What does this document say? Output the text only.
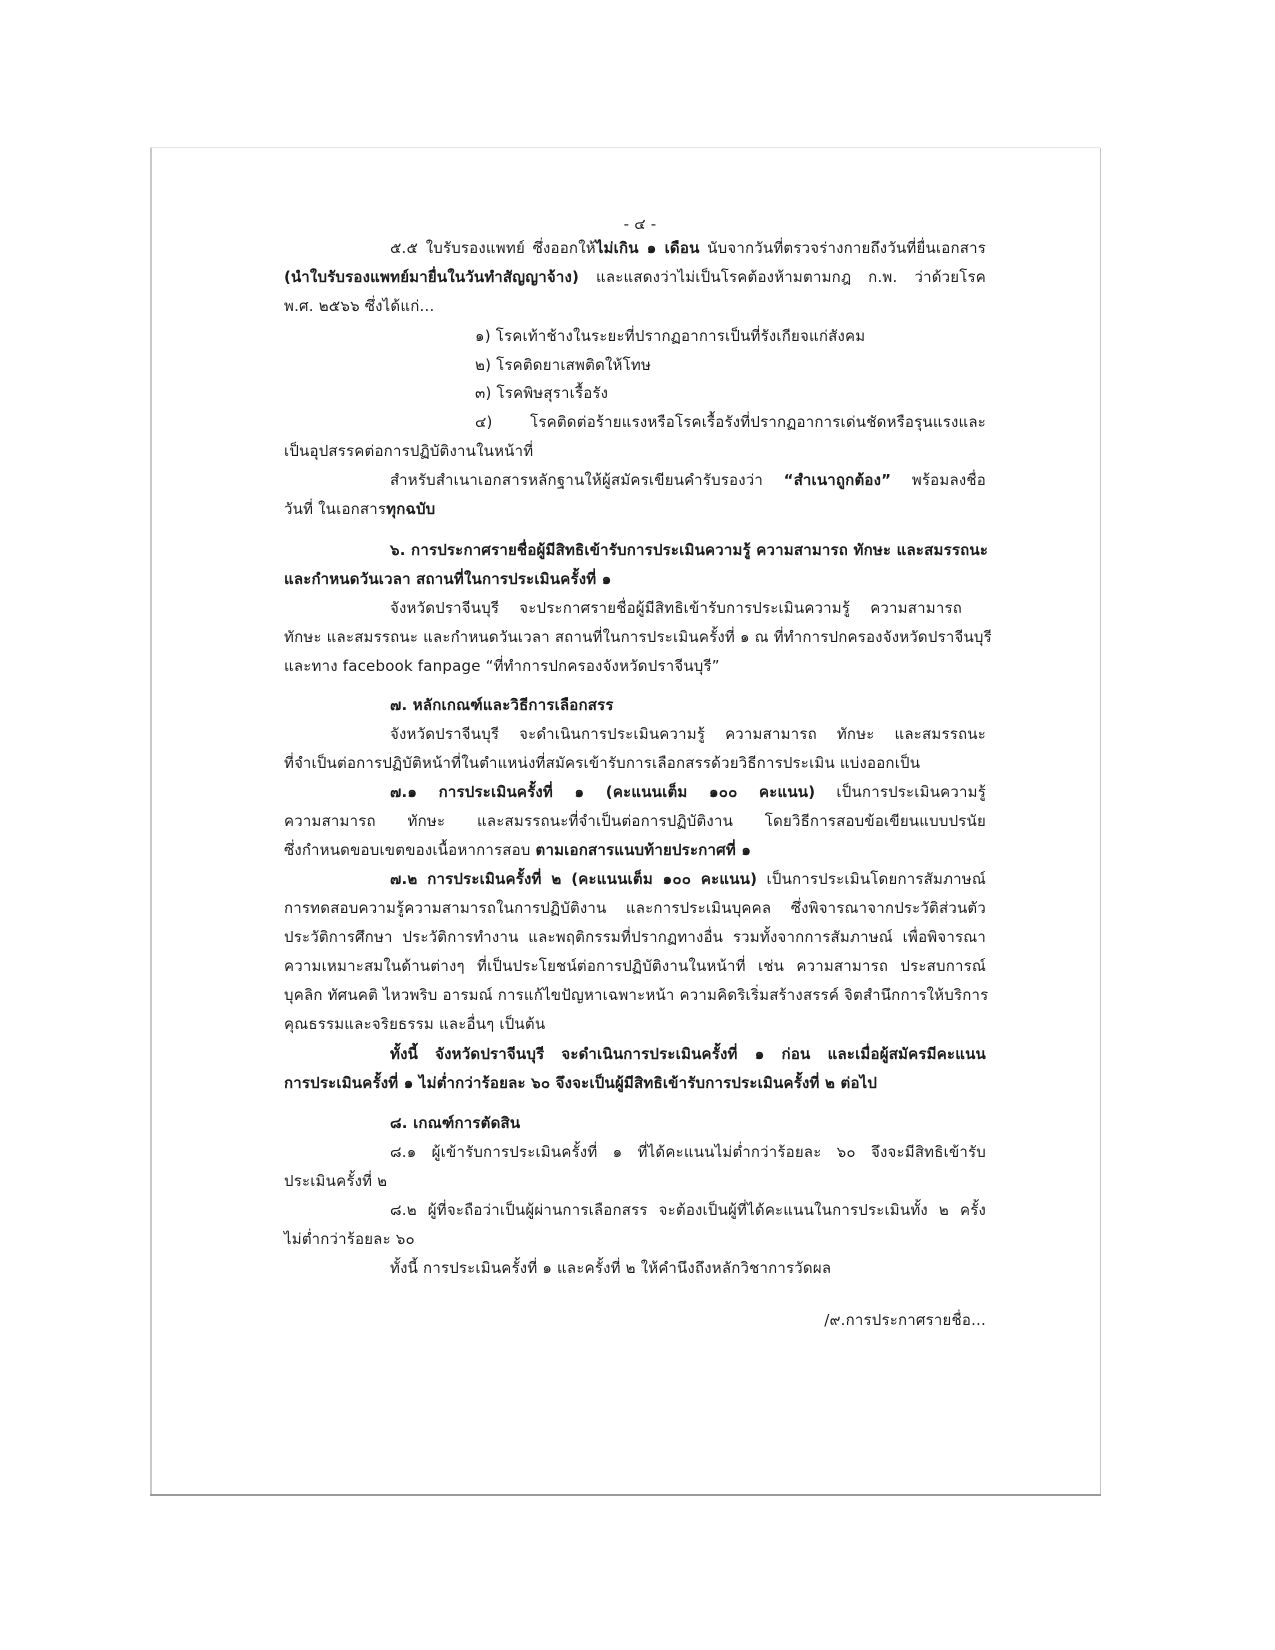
- ๔ -
๕.๕ ใบรับรองแพทย์ ซึ่งออกให้ไม่เกิน ๑ เดือน นับจากวันที่ตรวจร่างกายถึงวันที่ยื่นเอกสาร
(นำใบรับรองแพทย์มายื่นในวันทำสัญญาจ้าง) และแสดงว่าไม่เป็นโรคต้องห้ามตามกฎ ก.พ. ว่าด้วยโรค
พ.ศ. ๒๕๖๖ ซึ่งได้แก่...
๑) โรคเท้าช้างในระยะที่ปรากฏอาการเป็นที่รังเกียจแก่สังคม
๒) โรคติดยาเสพติดให้โทษ
๓) โรคพิษสุราเรื้อรัง
๔) โรคติดต่อร้ายแรงหรือโรคเรื้อรังที่ปรากฏอาการเด่นชัดหรือรุนแรงและ
เป็นอุปสรรคต่อการปฏิบัติงานในหน้าที่
สำหรับสำเนาเอกสารหลักฐานให้ผู้สมัครเขียนคำรับรองว่า “สำเนาถูกต้อง” พร้อมลงชื่อ
วันที่ ในเอกสารทุกฉบับ
๖. การประกาศรายชื่อผู้มีสิทธิเข้ารับการประเมินความรู้ ความสามารถ ทักษะ และสมรรถนะ
และกำหนดวันเวลา สถานที่ในการประเมินครั้งที่ ๑
จังหวัดปราจีนบุรี จะประกาศรายชื่อผู้มีสิทธิเข้ารับการประเมินความรู้ ความสามารถ
ทักษะ และสมรรถนะ และกำหนดวันเวลา สถานที่ในการประเมินครั้งที่ ๑ ณ ที่ทำการปกครองจังหวัดปราจีนบุรี
และทาง facebook fanpage “ที่ทำการปกครองจังหวัดปราจีนบุรี”
๗. หลักเกณฑ์และวิธีการเลือกสรร
จังหวัดปราจีนบุรี จะดำเนินการประเมินความรู้ ความสามารถ ทักษะ และสมรรถนะ
ที่จำเป็นต่อการปฏิบัติหน้าที่ในตำแหน่งที่สมัครเข้ารับการเลือกสรรด้วยวิธีการประเมิน แบ่งออกเป็น
๗.๑ การประเมินครั้งที่ ๑ (คะแนนเต็ม ๑๐๐ คะแนน) เป็นการประเมินความรู้
ความสามารถ ทักษะ และสมรรถนะที่จำเป็นต่อการปฏิบัติงาน โดยวิธีการสอบข้อเขียนแบบปรนัย
ซึ่งกำหนดขอบเขตของเนื้อหาการสอบ ตามเอกสารแนบท้ายประกาศที่ ๑
๗.๒ การประเมินครั้งที่ ๒ (คะแนนเต็ม ๑๐๐ คะแนน) เป็นการประเมินโดยการสัมภาษณ์
การทดสอบความรู้ความสามารถในการปฏิบัติงาน และการประเมินบุคคล ซึ่งพิจารณาจากประวัติส่วนตัว
ประวัติการศึกษา ประวัติการทำงาน และพฤติกรรมที่ปรากฏทางอื่น รวมทั้งจากการสัมภาษณ์ เพื่อพิจารณา
ความเหมาะสมในด้านต่างๆ ที่เป็นประโยชน์ต่อการปฏิบัติงานในหน้าที่ เช่น ความสามารถ ประสบการณ์
บุคลิก ทัศนคติ ไหวพริบ อารมณ์ การแก้ไขปัญหาเฉพาะหน้า ความคิดริเริ่มสร้างสรรค์ จิตสำนึกการให้บริการ
คุณธรรมและจริยธรรม และอื่นๆ เป็นต้น
ทั้งนี้ จังหวัดปราจีนบุรี จะดำเนินการประเมินครั้งที่ ๑ ก่อน และเมื่อผู้สมัครมีคะแนน
การประเมินครั้งที่ ๑ ไม่ต่ำกว่าร้อยละ ๖๐ จึงจะเป็นผู้มีสิทธิเข้ารับการประเมินครั้งที่ ๒ ต่อไป
๘. เกณฑ์การตัดสิน
๘.๑ ผู้เข้ารับการประเมินครั้งที่ ๑ ที่ได้คะแนนไม่ต่ำกว่าร้อยละ ๖๐ จึงจะมีสิทธิเข้ารับ
ประเมินครั้งที่ ๒
๘.๒ ผู้ที่จะถือว่าเป็นผู้ผ่านการเลือกสรร จะต้องเป็นผู้ที่ได้คะแนนในการประเมินทั้ง ๒ ครั้ง
ไม่ต่ำกว่าร้อยละ ๖๐
ทั้งนี้ การประเมินครั้งที่ ๑ และครั้งที่ ๒ ให้คำนึงถึงหลักวิชาการวัดผล
/๙.การประกาศรายชื่อ...
